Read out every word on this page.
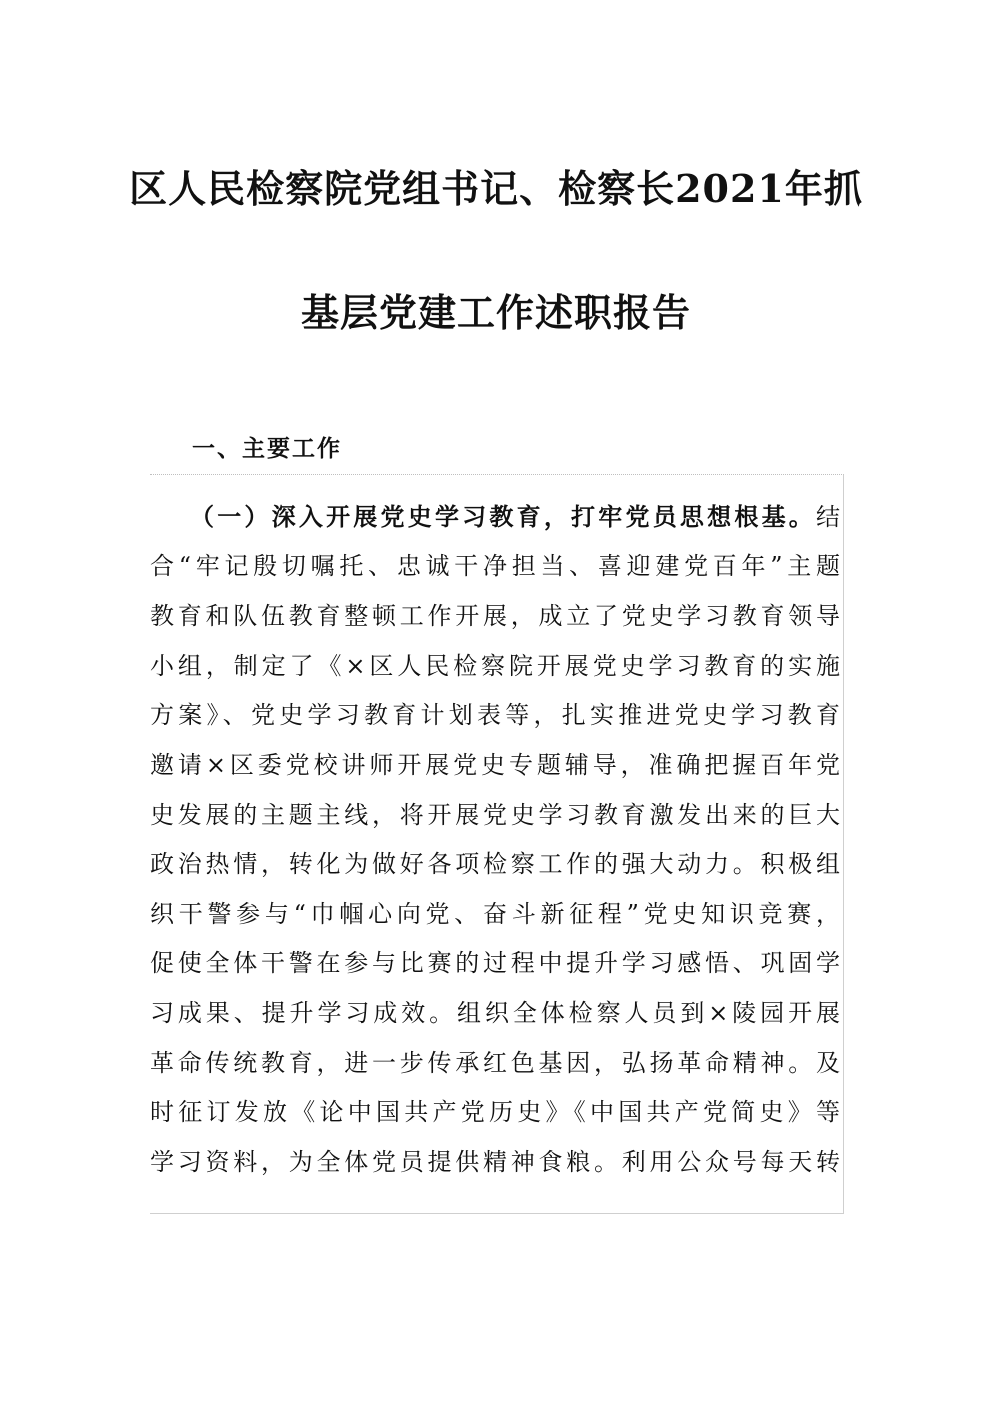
区人民检察院党组书记、检察长2021年抓
基层党建工作述职报告
一、主要工作
（一）深入开展党史学习教育，打牢党员思想根基。结
合“牢记殷切嘱托、忠诚干净担当、喜迎建党百年”主题
教育和队伍教育整顿工作开展，成立了党史学习教育领导
小组，制定了《×区人民检察院开展党史学习教育的实施
方案》、党史学习教育计划表等，扎实推进党史学习教育
邀请×区委党校讲师开展党史专题辅导，准确把握百年党
史发展的主题主线，将开展党史学习教育激发出来的巨大
政治热情，转化为做好各项检察工作的强大动力。积极组
织干警参与“巾帼心向党、奋斗新征程”党史知识竞赛，
促使全体干警在参与比赛的过程中提升学习感悟、巩固学
习成果、提升学习成效。组织全体检察人员到×陵园开展
革命传统教育，进一步传承红色基因，弘扬革命精神。及
时征订发放《论中国共产党历史》《中国共产党简史》等
学习资料，为全体党员提供精神食粮。利用公众号每天转
